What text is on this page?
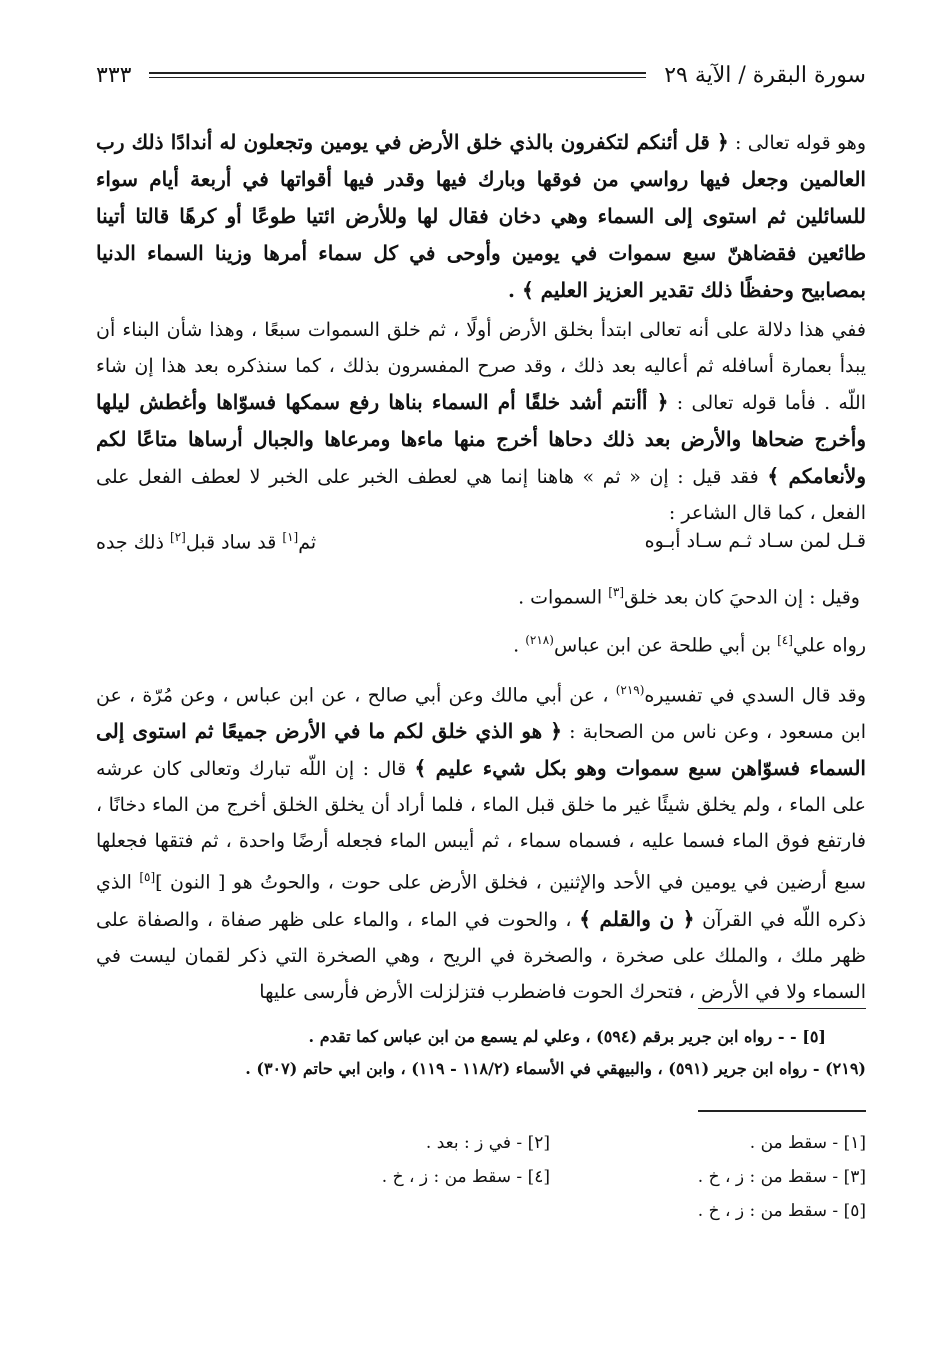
سورة البقرة / الآية ٢٩
٣٣٣

وهو قوله تعالى : ﴿ قل أئنكم لتكفرون بالذي خلق الأرض في يومين وتجعلون له أندادًا ذلك رب العالمين وجعل فيها رواسي من فوقها وبارك فيها وقدر فيها أقواتها في أربعة أيام سواء للسائلين ثم استوى إلى السماء وهي دخان فقال لها وللأرض ائتيا طوعًا أو كرهًا قالتا أتينا طائعين فقضاهنّ سبع سموات في يومين وأوحى في كل سماء أمرها وزينا السماء الدنيا بمصابيح وحفظًا ذلك تقدير العزيز العليم ﴾ .

ففي هذا دلالة على أنه تعالى ابتدأ بخلق الأرض أولًا ، ثم خلق السموات سبعًا ، وهذا شأن البناء أن يبدأ بعمارة أسافله ثم أعاليه بعد ذلك ، وقد صرح المفسرون بذلك ، كما سنذكره بعد هذا إن شاء اللّه . فأما قوله تعالى : ﴿ أأنتم أشد خلقًا أم السماء بناها رفع سمكها فسوّاها وأغطش ليلها وأخرج ضحاها والأرض بعد ذلك دحاها أخرج منها ماءها ومرعاها والجبال أرساها متاعًا لكم ولأنعامكم ﴾ فقد قيل : إن « ثم » هاهنا إنما هي لعطف الخبر على الخبر لا لعطف الفعل على الفعل ، كما قال الشاعر :

قـل لمن سـاد ثـم سـاد أبـوه
ثم[١] قد ساد قبل[٢] ذلك جده

وقيل : إن الدحيَ كان بعد خلق[٣] السموات .

رواه علي[٤] بن أبي طلحة عن ابن عباس$^{(٢١٨)}$ .

وقد قال السدي في تفسيره$^{(٢١٩)}$ ، عن أبي مالك وعن أبي صالح ، عن ابن عباس ، وعن مُرّة ، عن ابن مسعود ، وعن ناس من الصحابة : ﴿ هو الذي خلق لكم ما في الأرض جميعًا ثم استوى إلى السماء فسوّاهن سبع سموات وهو بكل شيء عليم ﴾ قال : إن اللّه تبارك وتعالى كان عرشه على الماء ، ولم يخلق شيئًا غير ما خلق قبل الماء ، فلما أراد أن يخلق الخلق أخرج من الماء دخانًا ، فارتفع فوق الماء فسما عليه ، فسماه سماء ، ثم أيبس الماء فجعله أرضًا واحدة ، ثم فتقها فجعلها سبع أرضين في يومين في الأحد والإثنين ، فخلق الأرض على حوت ، والحوتُ هو [ النون ][٥] الذي ذكره اللّه في القرآن ﴿ ن والقلم ﴾ ، والحوت في الماء ، والماء على ظهر صفاة ، والصفاة على ظهر ملك ، والملك على صخرة ، والصخرة في الريح ، وهي الصخرة التي ذكر لقمان ليست في السماء ولا في الأرض ، فتحرك الحوت فاضطرب فتزلزلت الأرض فأرسى عليها

[٥] - - رواه ابن جرير برقم (٥٩٤) ، وعلي لم يسمع من ابن عباس كما تقدم .
(٢١٩) - رواه ابن جرير (٥٩١) ، والبيهقي في الأسماء (١١٨/٢ - ١١٩) ، وابن ابي حاتم (٣٠٧) .
[١] - سقط من .
[٢] - في ز : بعد .
[٣] - سقط من : ز ، خ .
[٤] - سقط من : ز ، خ .
[٥] - سقط من : ز ، خ .
